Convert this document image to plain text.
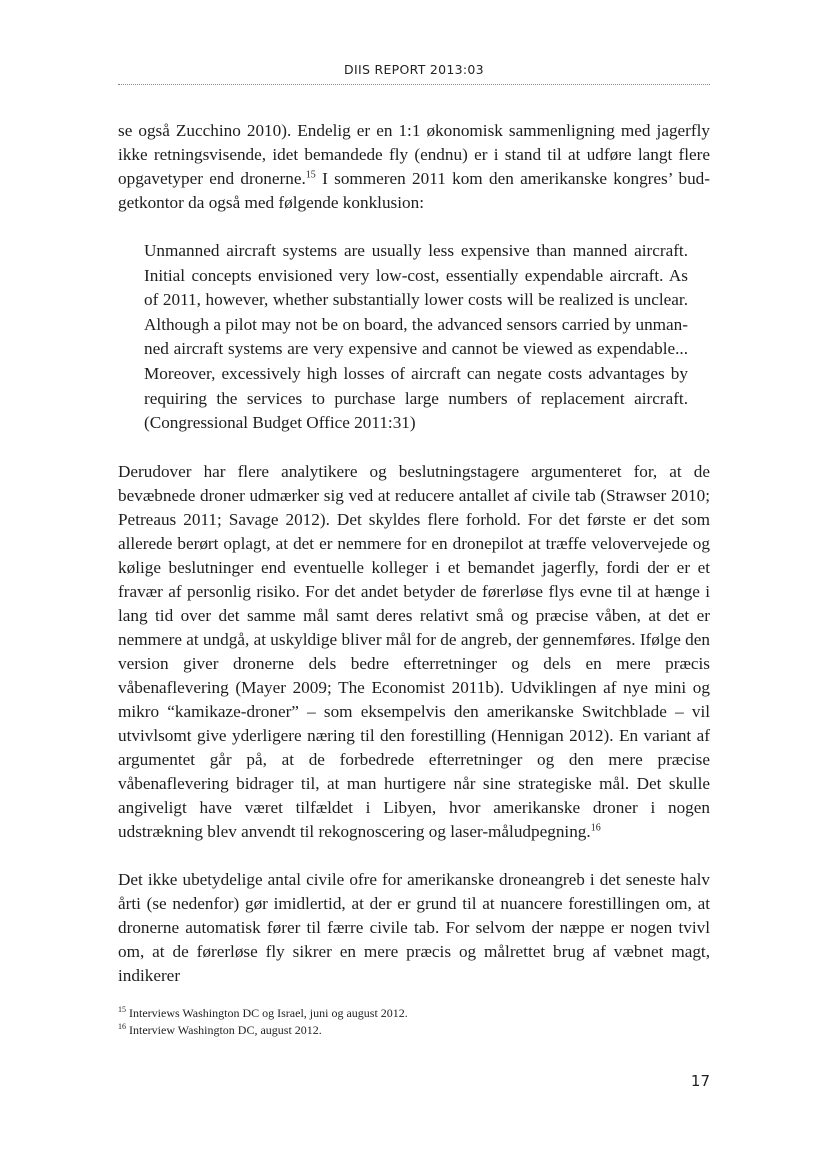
DIIS REPORT 2013:03

se også Zucchino 2010). Endelig er en 1:1 økonomisk sammenligning med jagerfly ikke retningsvisende, idet bemandede fly (endnu) er i stand til at udføre langt flere opgavetyper end dronerne.$^{15}$ I sommeren 2011 kom den amerikanske kongres’ budgetkontor da også med følgende konklusion:

Unmanned aircraft systems are usually less expensive than manned aircraft. Initial concepts envisioned very low-cost, essentially expendable aircraft. As of 2011, however, whether substantially lower costs will be realized is unclear. Although a pilot may not be on board, the advanced sensors carried by unmanned aircraft systems are very expensive and cannot be viewed as expendable... Moreover, excessively high losses of aircraft can negate costs advantages by requiring the services to purchase large numbers of replacement aircraft. (Congressional Budget Office 2011:31)

Derudover har flere analytikere og beslutningstagere argumenteret for, at de bevæbnede droner udmærker sig ved at reducere antallet af civile tab (Strawser 2010; Petreaus 2011; Savage 2012). Det skyldes flere forhold. For det første er det som allerede berørt oplagt, at det er nemmere for en dronepilot at træffe velovervejede og kølige beslutninger end eventuelle kolleger i et bemandet jagerfly, fordi der er et fravær af personlig risiko. For det andet betyder de førerløse flys evne til at hænge i lang tid over det samme mål samt deres relativt små og præcise våben, at det er nemmere at undgå, at uskyldige bliver mål for de angreb, der gennemføres. Ifølge den version giver dronerne dels bedre efterretninger og dels en mere præcis våbenaflevering (Mayer 2009; The Economist 2011b). Udviklingen af nye mini og mikro “kamikaze-droner” – som eksempelvis den amerikanske Switchblade – vil utvivlsomt give yderligere næring til den forestilling (Hennigan 2012). En variant af argumentet går på, at de forbedrede efterretninger og den mere præcise våbenaflevering bidrager til, at man hurtigere når sine strategiske mål. Det skulle angiveligt have været tilfældet i Libyen, hvor amerikanske droner i nogen udstrækning blev anvendt til rekognoscering og laser-måludpegning.$^{16}$

Det ikke ubetydelige antal civile ofre for amerikanske droneangreb i det seneste halv årti (se nedenfor) gør imidlertid, at der er grund til at nuancere forestillingen om, at dronerne automatisk fører til færre civile tab. For selvom der næppe er nogen tvivl om, at de førerløse fly sikrer en mere præcis og målrettet brug af væbnet magt, indikerer

$^{15}$ Interviews Washington DC og Israel, juni og august 2012.

$^{16}$ Interview Washington DC, august 2012.

17
